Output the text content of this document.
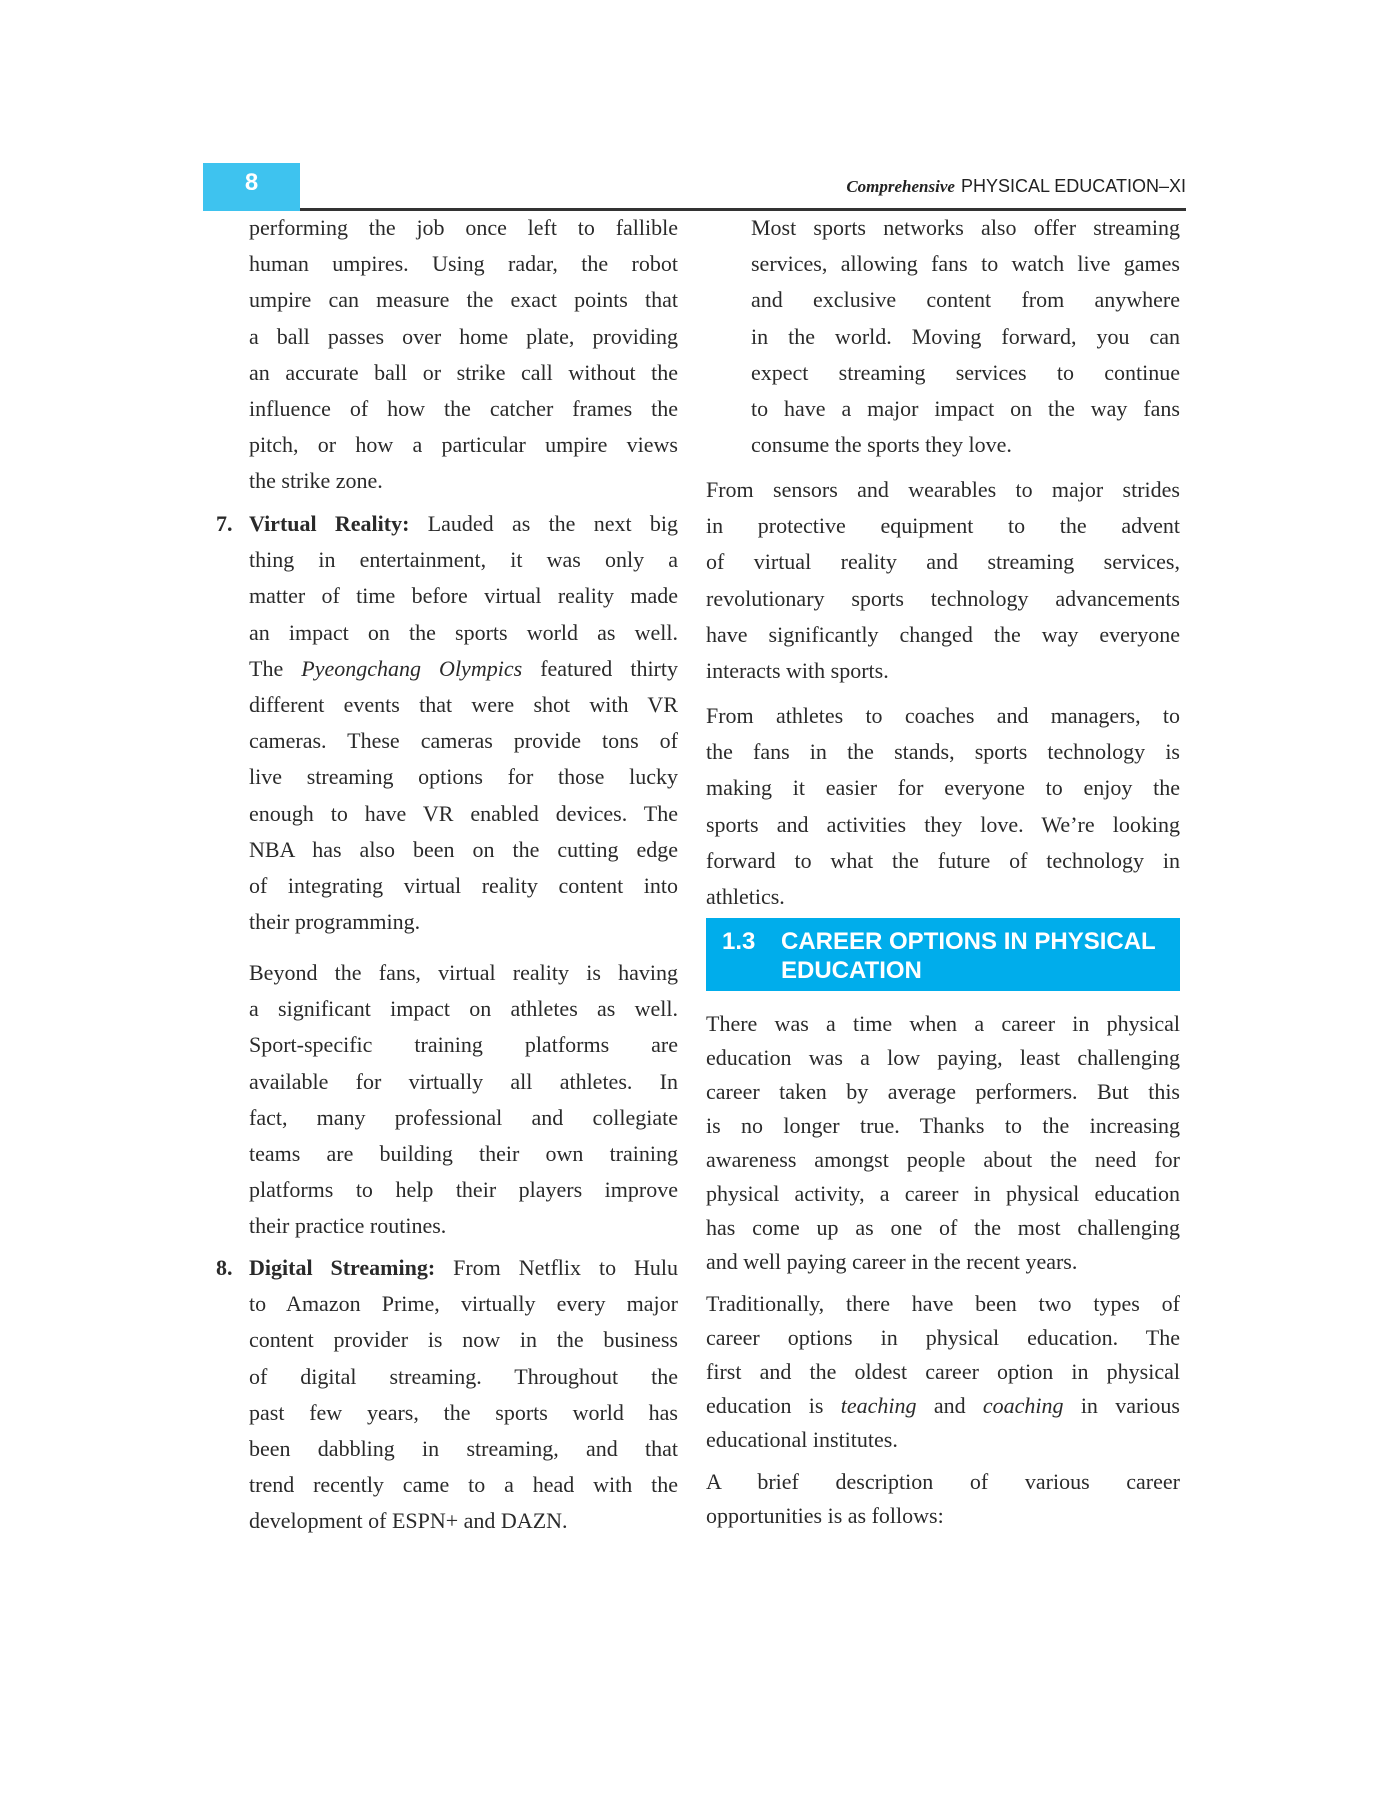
8	Comprehensive PHYSICAL EDUCATION–XI
performing the job once left to fallible
human umpires. Using radar, the robot
umpire can measure the exact points that
a ball passes over home plate, providing
an accurate ball or strike call without the
influence of how the catcher frames the
pitch, or how a particular umpire views
the strike zone.
7. Virtual Reality: Lauded as the next big
thing in entertainment, it was only a
matter of time before virtual reality made
an impact on the sports world as well.
The Pyeongchang Olympics featured thirty
different events that were shot with VR
cameras. These cameras provide tons of
live streaming options for those lucky
enough to have VR enabled devices. The
NBA has also been on the cutting edge
of integrating virtual reality content into
their programming.
Beyond the fans, virtual reality is having
a significant impact on athletes as well.
Sport-specific training platforms are
available for virtually all athletes. In
fact, many professional and collegiate
teams are building their own training
platforms to help their players improve
their practice routines.
8. Digital Streaming: From Netflix to Hulu
to Amazon Prime, virtually every major
content provider is now in the business
of digital streaming. Throughout the
past few years, the sports world has
been dabbling in streaming, and that
trend recently came to a head with the
development of ESPN+ and DAZN.
Most sports networks also offer streaming
services, allowing fans to watch live games
and exclusive content from anywhere
in the world. Moving forward, you can
expect streaming services to continue
to have a major impact on the way fans
consume the sports they love.
From sensors and wearables to major strides
in protective equipment to the advent
of virtual reality and streaming services,
revolutionary sports technology advancements
have significantly changed the way everyone
interacts with sports.
From athletes to coaches and managers, to
the fans in the stands, sports technology is
making it easier for everyone to enjoy the
sports and activities they love. We’re looking
forward to what the future of technology in
athletics.
1.3 CAREER OPTIONS IN PHYSICAL EDUCATION
There was a time when a career in physical
education was a low paying, least challenging
career taken by average performers. But this
is no longer true. Thanks to the increasing
awareness amongst people about the need for
physical activity, a career in physical education
has come up as one of the most challenging
and well paying career in the recent years.
Traditionally, there have been two types of
career options in physical education. The
first and the oldest career option in physical
education is teaching and coaching in various
educational institutes.
A brief description of various career
opportunities is as follows:
